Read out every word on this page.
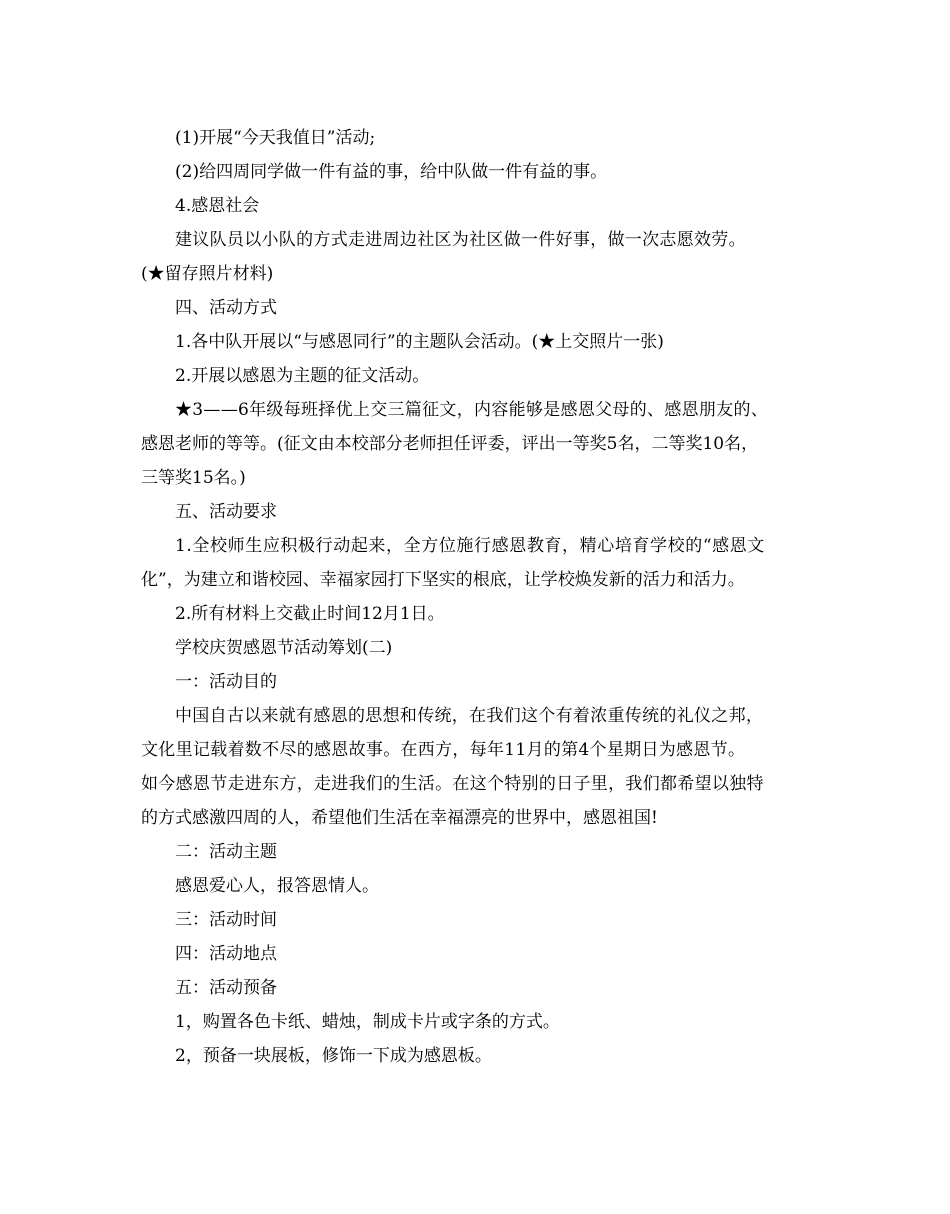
(1)开展“今天我值日”活动;
(2)给四周同学做一件有益的事，给中队做一件有益的事。
4.感恩社会
建议队员以小队的方式走进周边社区为社区做一件好事，做一次志愿效劳。
(★留存照片材料)
四、活动方式
1.各中队开展以“与感恩同行”的主题队会活动。(★上交照片一张)
2.开展以感恩为主题的征文活动。
★3——6年级每班择优上交三篇征文，内容能够是感恩父母的、感恩朋友的、
感恩老师的等等。(征文由本校部分老师担任评委，评出一等奖5名，二等奖10名，
三等奖15名。)
五、活动要求
1.全校师生应积极行动起来，全方位施行感恩教育，精心培育学校的“感恩文
化”，为建立和谐校园、幸福家园打下坚实的根底，让学校焕发新的活力和活力。
2.所有材料上交截止时间12月1日。
学校庆贺感恩节活动筹划(二)
一：活动目的
中国自古以来就有感恩的思想和传统，在我们这个有着浓重传统的礼仪之邦，
文化里记载着数不尽的感恩故事。在西方，每年11月的第4个星期日为感恩节。
如今感恩节走进东方，走进我们的生活。在这个特别的日子里，我们都希望以独特
的方式感激四周的人，希望他们生活在幸福漂亮的世界中，感恩祖国!
二：活动主题
感恩爱心人，报答恩情人。
三：活动时间
四：活动地点
五：活动预备
1，购置各色卡纸、蜡烛，制成卡片或字条的方式。
2，预备一块展板，修饰一下成为感恩板。
